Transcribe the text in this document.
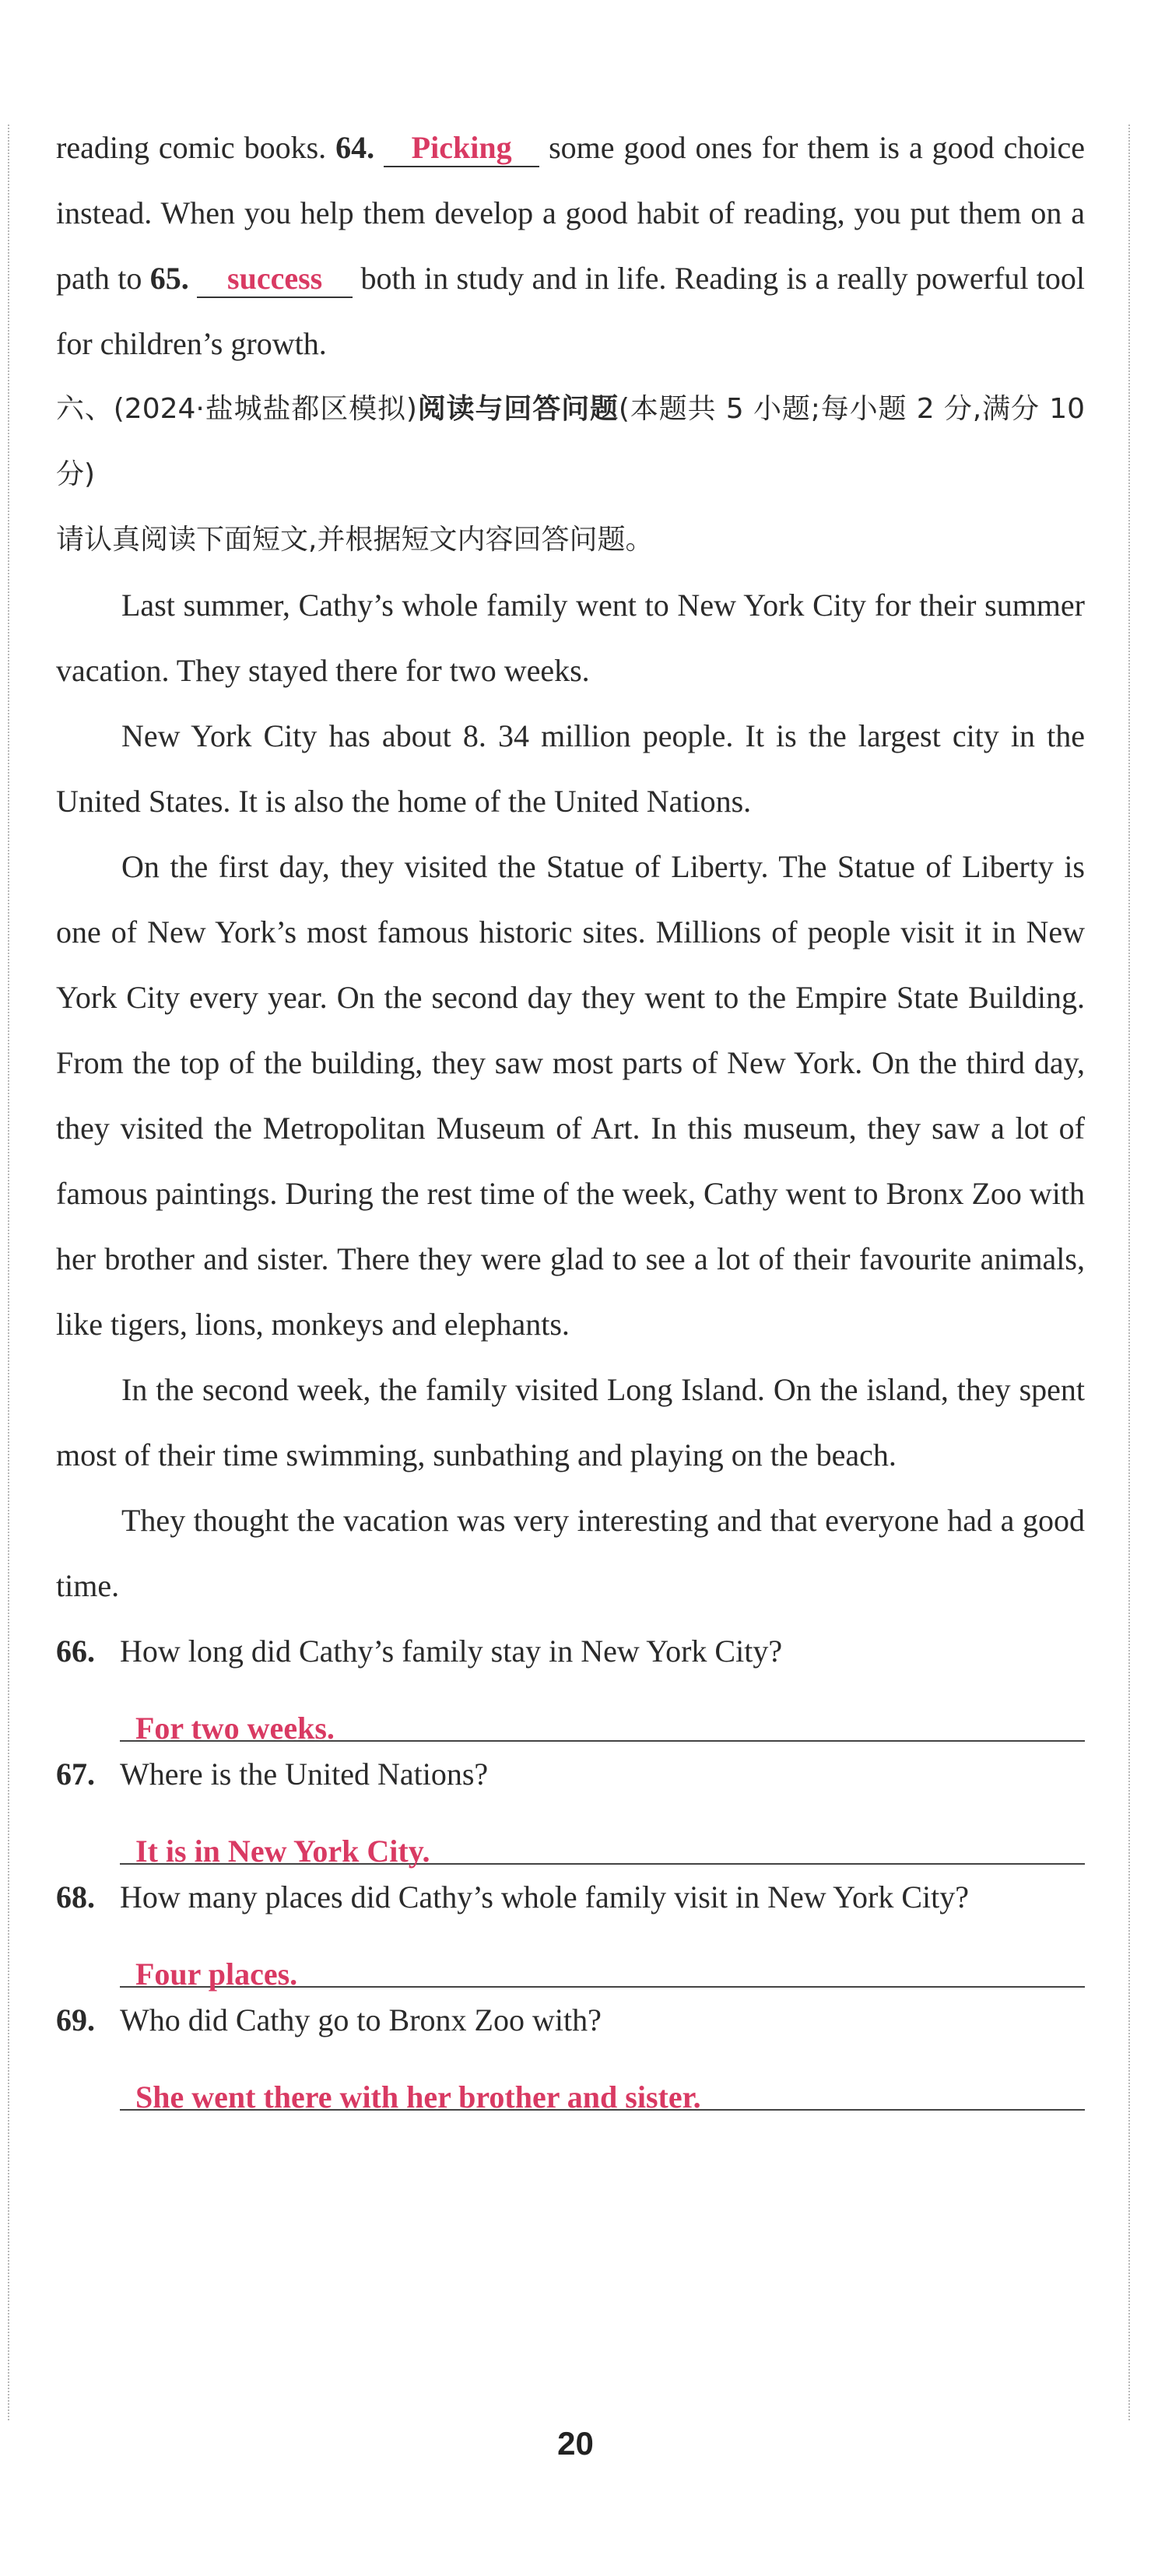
reading comic books. 64. Picking some good ones for them is a good choice instead. When you help them develop a good habit of reading, you put them on a path to 65. success both in study and in life. Reading is a really powerful tool for children’s growth.

六、(2024·盐城盐都区模拟)阅读与回答问题(本题共 5 小题;每小题 2 分,满分 10 分)

请认真阅读下面短文,并根据短文内容回答问题。

Last summer, Cathy’s whole family went to New York City for their summer vacation. They stayed there for two weeks.

New York City has about 8. 34 million people. It is the largest city in the United States. It is also the home of the United Nations.

On the first day, they visited the Statue of Liberty. The Statue of Liberty is one of New York’s most famous historic sites. Millions of people visit it in New York City every year. On the second day they went to the Empire State Building. From the top of the building, they saw most parts of New York. On the third day, they visited the Metropolitan Museum of Art. In this museum, they saw a lot of famous paintings. During the rest time of the week, Cathy went to Bronx Zoo with her brother and sister. There they were glad to see a lot of their favourite animals, like tigers, lions, monkeys and elephants.

In the second week, the family visited Long Island. On the island, they spent most of their time swimming, sunbathing and playing on the beach.

They thought the vacation was very interesting and that everyone had a good time.

66. How long did Cathy’s family stay in New York City?

For two weeks.

67. Where is the United Nations?

It is in New York City.

68. How many places did Cathy’s whole family visit in New York City?

Four places.

69. Who did Cathy go to Bronx Zoo with?

She went there with her brother and sister.
20
